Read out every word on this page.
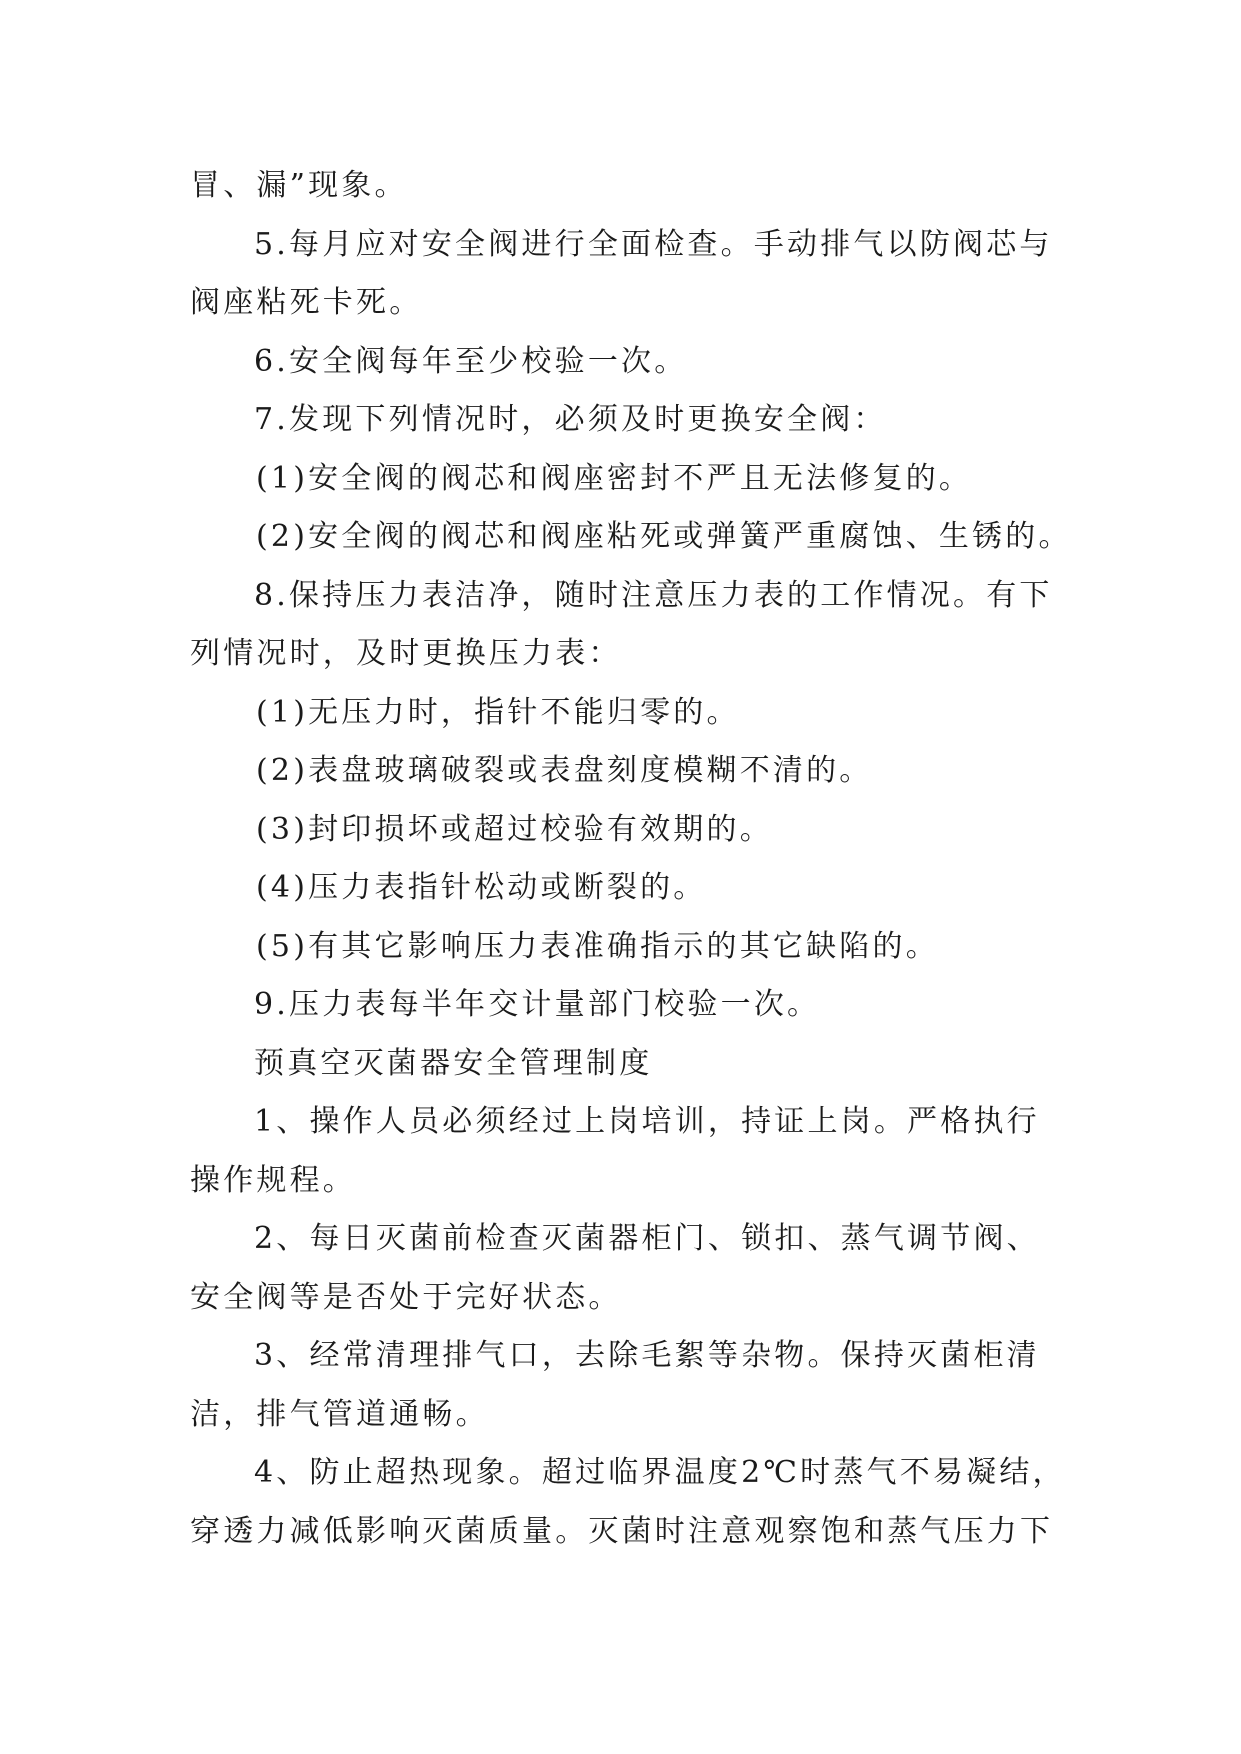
冒、漏”现象。
5.每月应对安全阀进行全面检查。手动排气以防阀芯与
阀座粘死卡死。
6.安全阀每年至少校验一次。
7.发现下列情况时，必须及时更换安全阀：
(1)安全阀的阀芯和阀座密封不严且无法修复的。
(2)安全阀的阀芯和阀座粘死或弹簧严重腐蚀、生锈的。
8.保持压力表洁净，随时注意压力表的工作情况。有下
列情况时，及时更换压力表：
(1)无压力时，指针不能归零的。
(2)表盘玻璃破裂或表盘刻度模糊不清的。
(3)封印损坏或超过校验有效期的。
(4)压力表指针松动或断裂的。
(5)有其它影响压力表准确指示的其它缺陷的。
9.压力表每半年交计量部门校验一次。
预真空灭菌器安全管理制度
1、操作人员必须经过上岗培训，持证上岗。严格执行
操作规程。
2、每日灭菌前检查灭菌器柜门、锁扣、蒸气调节阀、
安全阀等是否处于完好状态。
3、经常清理排气口，去除毛絮等杂物。保持灭菌柜清
洁，排气管道通畅。
4、防止超热现象。超过临界温度2℃时蒸气不易凝结，
穿透力减低影响灭菌质量。灭菌时注意观察饱和蒸气压力下
